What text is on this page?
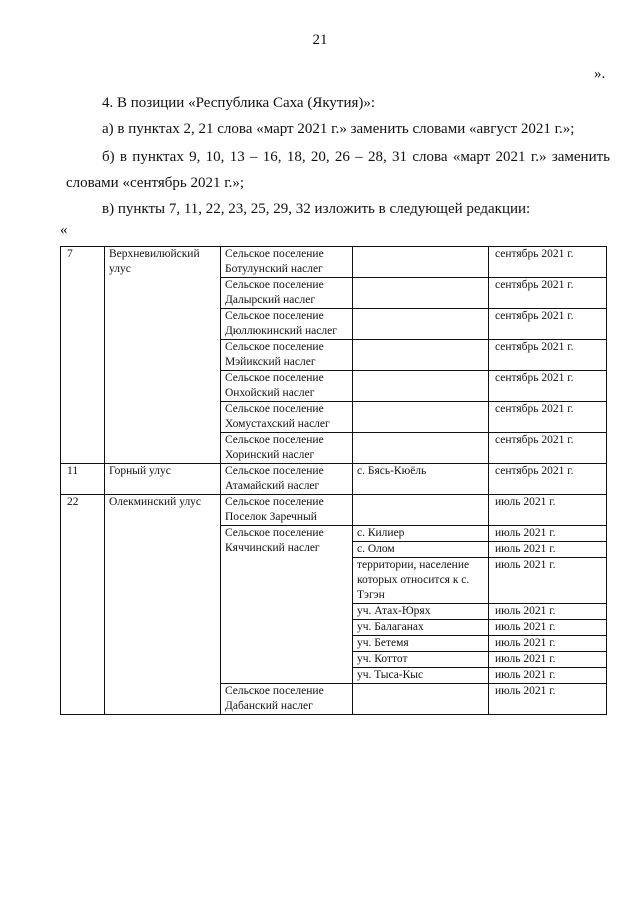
21
».

4. В позиции «Республика Саха (Якутия)»:

а) в пунктах 2, 21 слова «март 2021 г.» заменить словами «август 2021 г.»;

б) в пунктах 9, 10, 13 – 16, 18, 20, 26 – 28, 31 слова «март 2021 г.» заменить словами «сентябрь 2021 г.»;

в) пункты 7, 11, 22, 23, 25, 29, 32 изложить в следующей редакции:

«
7	Верхневилюйский улус	Сельское поселение Ботулунский наслег		сентябрь 2021 г.
		Сельское поселение Далырский наслег		сентябрь 2021 г.
		Сельское поселение Дюллюкинский наслег		сентябрь 2021 г.
		Сельское поселение Мэйикский наслег		сентябрь 2021 г.
		Сельское поселение Онхойский наслег		сентябрь 2021 г.
		Сельское поселение Хомустахский наслег		сентябрь 2021 г.
		Сельское поселение Хоринский наслег		сентябрь 2021 г.
11	Горный улус	Сельское поселение Атамайский наслег	с. Бясь-Кюёль	сентябрь 2021 г.
22	Олекминский улус	Сельское поселение Поселок Заречный		июль 2021 г.
		Сельское поселение Кяччинский наслег	с. Килиер	июль 2021 г.
			с. Олом	июль 2021 г.
			территории, население которых относится к с. Тэгэн	июль 2021 г.
			уч. Атах-Юрях	июль 2021 г.
			уч. Балаганах	июль 2021 г.
			уч. Бетемя	июль 2021 г.
			уч. Коттот	июль 2021 г.
			уч. Тыса-Кыс	июль 2021 г.
		Сельское поселение Дабанский наслег		июль 2021 г.
